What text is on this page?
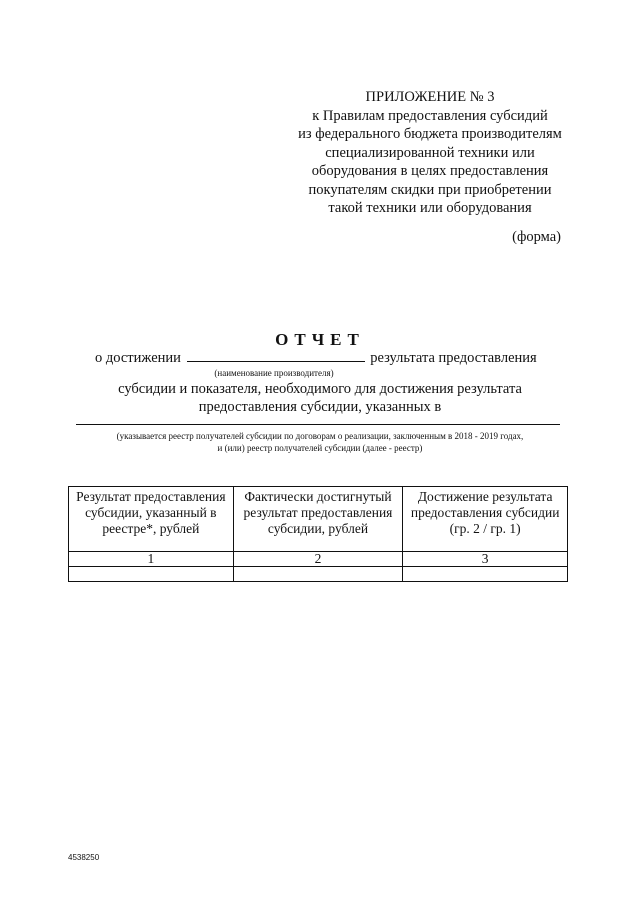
ПРИЛОЖЕНИЕ № 3
к Правилам предоставления субсидий
из федерального бюджета производителям
специализированной техники или
оборудования в целях предоставления
покупателям скидки при приобретении
такой техники или оборудования
(форма)
ОТЧЕТ
о достижении	результата предоставления
(наименование производителя)
субсидии и показателя, необходимого для достижения результата
предоставления субсидии, указанных в
(указывается реестр получателей субсидии по договорам о реализации, заключенным в 2018 - 2019 годах,
и (или) реестр получателей субсидии (далее - реестр)
Результат предоставления субсидии, указанный в реестре*, рублей	Фактически достигнутый результат предоставления субсидии, рублей	Достижение результата предоставления субсидии (гр. 2 / гр. 1)
1	2	3

4538250
